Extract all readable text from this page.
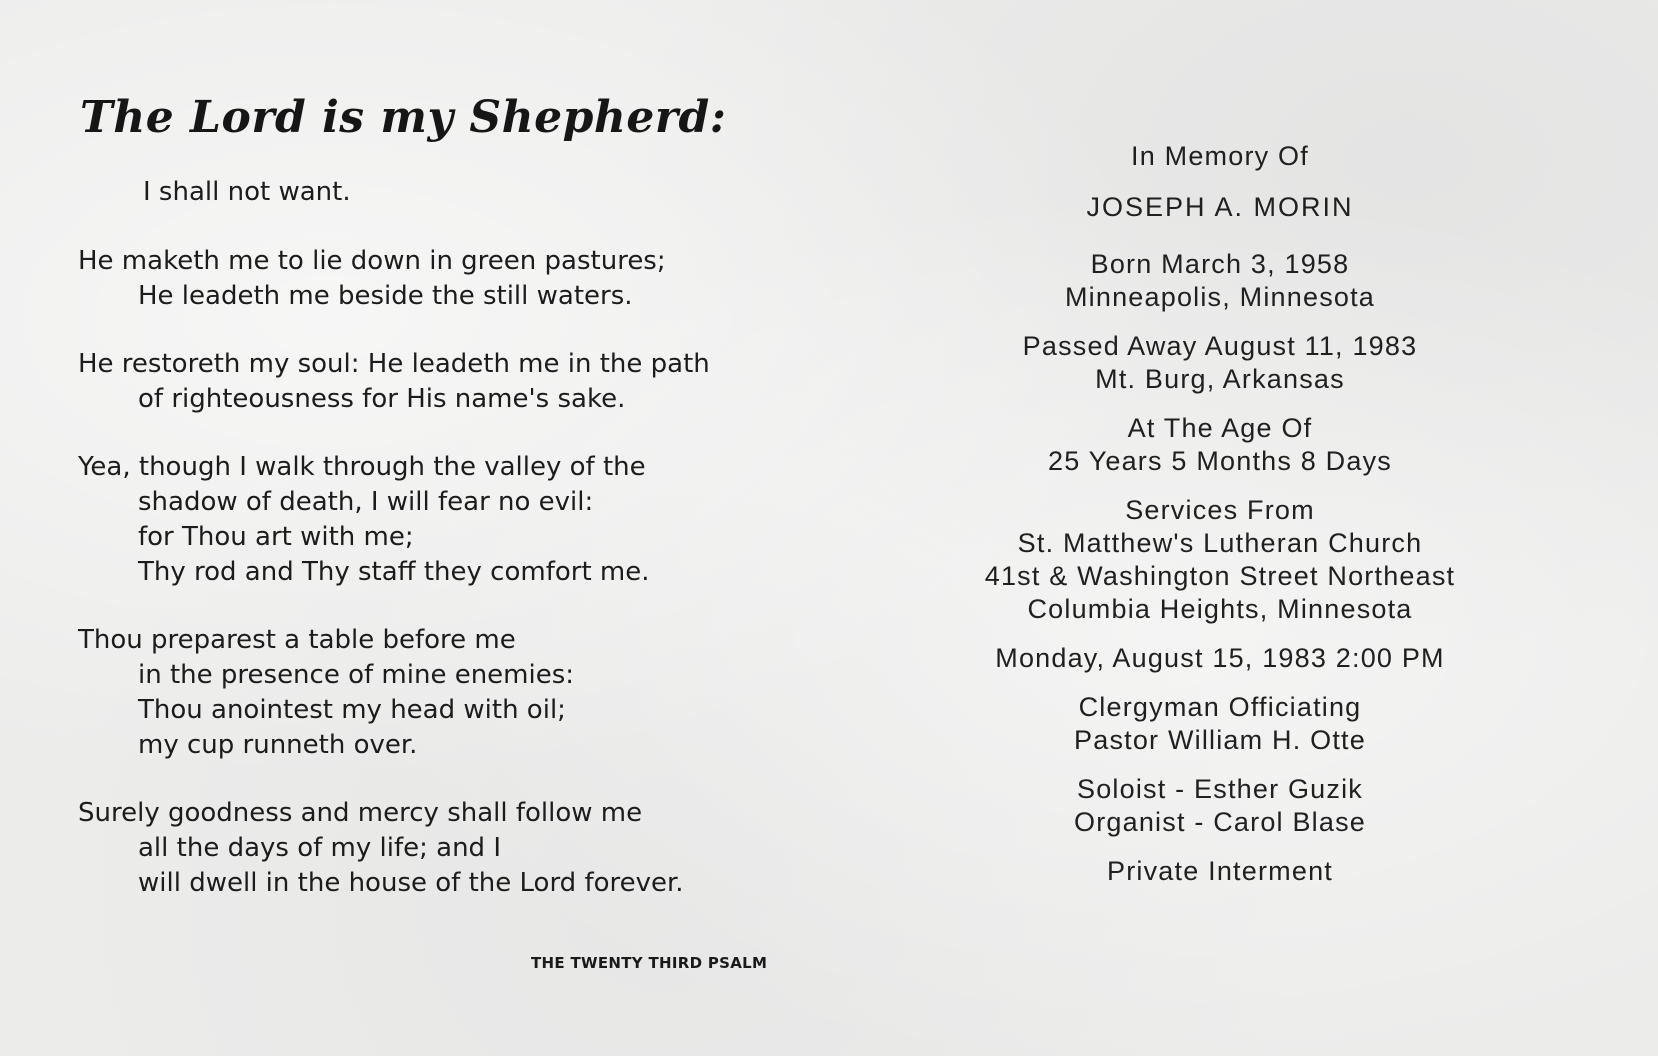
The Lord is my Shepherd:
I shall not want.
He maketh me to lie down in green pastures;
He leadeth me beside the still waters.
He restoreth my soul: He leadeth me in the path
of righteousness for His name's sake.
Yea, though I walk through the valley of the
shadow of death, I will fear no evil:
for Thou art with me;
Thy rod and Thy staff they comfort me.
Thou preparest a table before me
in the presence of mine enemies:
Thou anointest my head with oil;
my cup runneth over.
Surely goodness and mercy shall follow me
all the days of my life; and I
will dwell in the house of the Lord forever.
THE TWENTY THIRD PSALM
In Memory Of
JOSEPH A. MORIN
Born March 3, 1958
Minneapolis, Minnesota
Passed Away August 11, 1983
Mt. Burg, Arkansas
At The Age Of
25 Years 5 Months 8 Days
Services From
St. Matthew's Lutheran Church
41st & Washington Street Northeast
Columbia Heights, Minnesota
Monday, August 15, 1983 2:00 PM
Clergyman Officiating
Pastor William H. Otte
Soloist - Esther Guzik
Organist - Carol Blase
Private Interment
